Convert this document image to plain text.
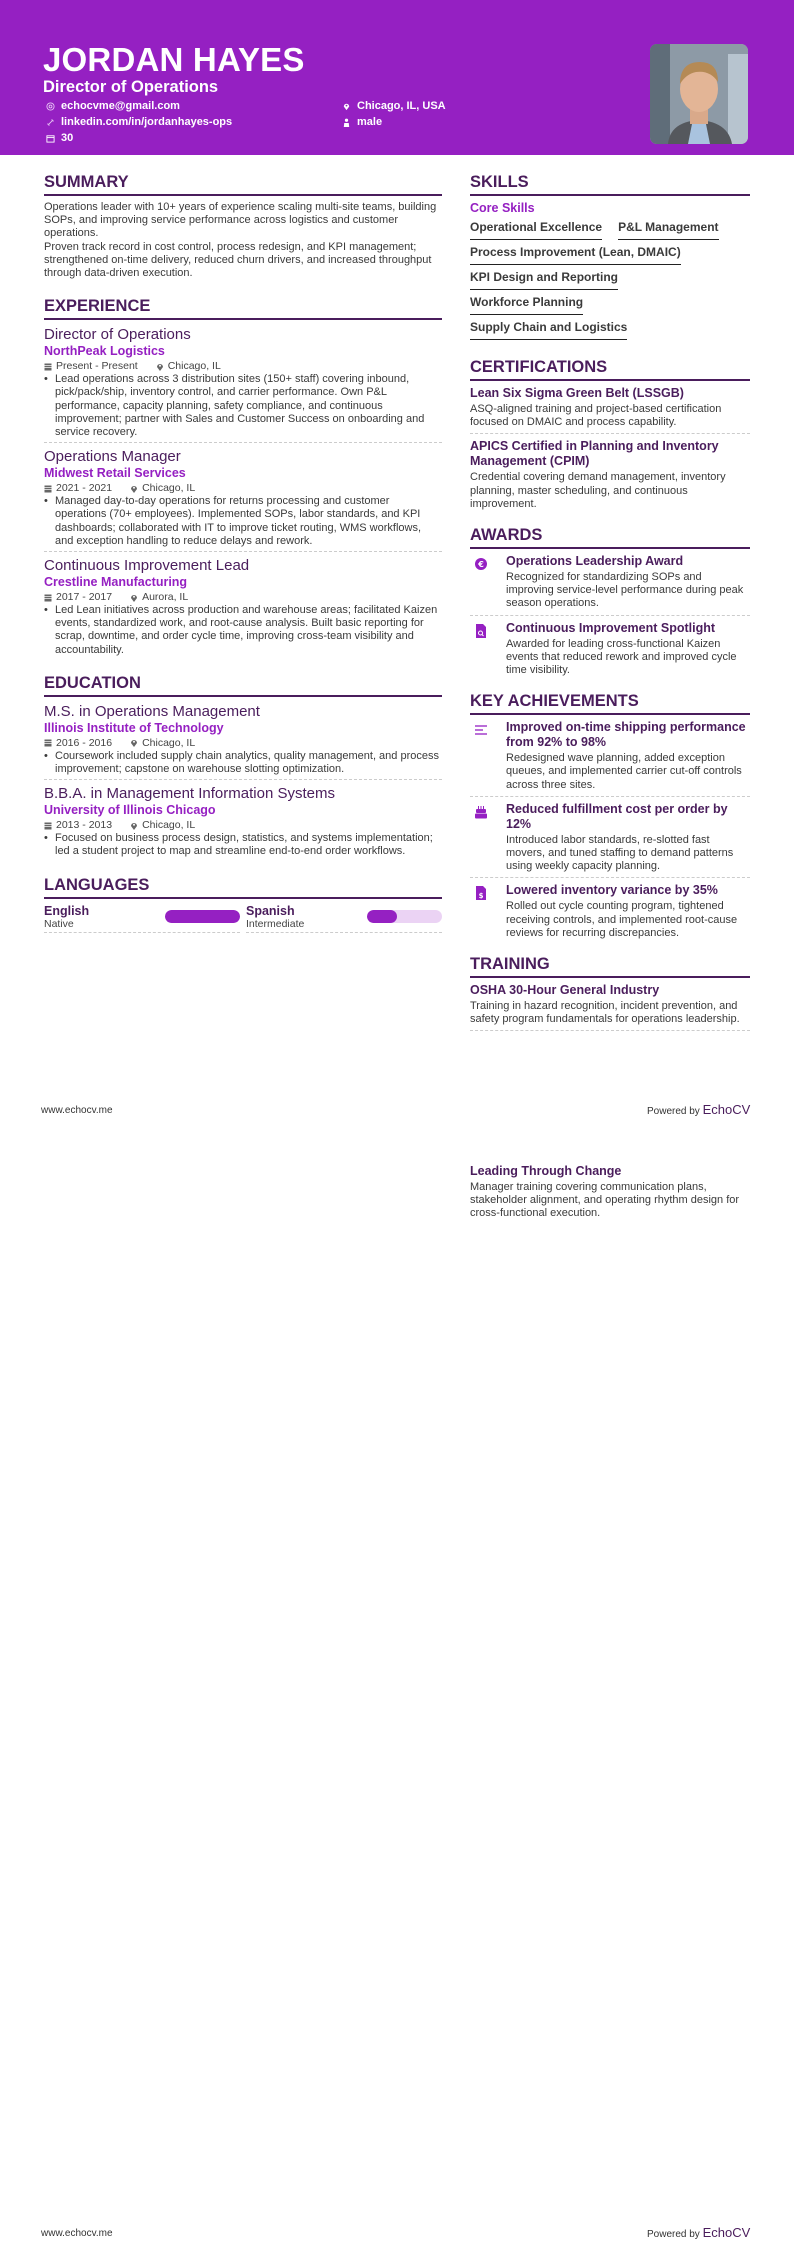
JORDAN HAYES
Director of Operations
echocvme@gmail.com
linkedin.com/in/jordanhayes-ops
30
Chicago, IL, USA
male
SUMMARY

Operations leader with 10+ years of experience scaling multi-site teams, building SOPs, and improving service performance across logistics and customer operations.

Proven track record in cost control, process redesign, and KPI management; strengthened on-time delivery, reduced churn drivers, and increased throughput through data-driven execution.

EXPERIENCE
Director of Operations
NorthPeak Logistics
Present - Present	Chicago, IL
• Lead operations across 3 distribution sites (150+ staff) covering inbound, pick/pack/ship, inventory control, and carrier performance. Own P&L performance, capacity planning, safety compliance, and continuous improvement; partner with Sales and Customer Success on onboarding and service recovery.
Operations Manager
Midwest Retail Services
2021 - 2021	Chicago, IL
• Managed day-to-day operations for returns processing and customer operations (70+ employees). Implemented SOPs, labor standards, and KPI dashboards; collaborated with IT to improve ticket routing, WMS workflows, and exception handling to reduce delays and rework.
Continuous Improvement Lead
Crestline Manufacturing
2017 - 2017	Aurora, IL
• Led Lean initiatives across production and warehouse areas; facilitated Kaizen events, standardized work, and root-cause analysis. Built basic reporting for scrap, downtime, and order cycle time, improving cross-team visibility and accountability.
EDUCATION
M.S. in Operations Management
Illinois Institute of Technology
2016 - 2016	Chicago, IL
• Coursework included supply chain analytics, quality management, and process improvement; capstone on warehouse slotting optimization.
B.B.A. in Management Information Systems
University of Illinois Chicago
2013 - 2013	Chicago, IL
• Focused on business process design, statistics, and systems implementation; led a student project to map and streamline end-to-end order workflows.
LANGUAGES
English
Native
Spanish
Intermediate
SKILLS
Core Skills
Operational Excellence P&L Management
Process Improvement (Lean, DMAIC)
KPI Design and Reporting
Workforce Planning
Supply Chain and Logistics
CERTIFICATIONS
Lean Six Sigma Green Belt (LSSGB)
ASQ-aligned training and project-based certification focused on DMAIC and process capability.
APICS Certified in Planning and Inventory Management (CPIM)
Credential covering demand management, inventory planning, master scheduling, and continuous improvement.
AWARDS
€ Operations Leadership Award
Recognized for standardizing SOPs and improving service-level performance during peak season operations.
Continuous Improvement Spotlight
Awarded for leading cross-functional Kaizen events that reduced rework and improved cycle time visibility.
KEY ACHIEVEMENTS
Improved on-time shipping performance from 92% to 98%
Redesigned wave planning, added exception queues, and implemented carrier cut-off controls across three sites.
Reduced fulfillment cost per order by 12%
Introduced labor standards, re-slotted fast movers, and tuned staffing to demand patterns using weekly capacity planning.
$ Lowered inventory variance by 35%
Rolled out cycle counting program, tightened receiving controls, and implemented root-cause reviews for recurring discrepancies.
TRAINING
OSHA 30-Hour General Industry
Training in hazard recognition, incident prevention, and safety program fundamentals for operations leadership.
www.echocv.me	Powered by EchoCV
Leading Through Change
Manager training covering communication plans, stakeholder alignment, and operating rhythm design for cross-functional execution.
www.echocv.me	Powered by EchoCV
